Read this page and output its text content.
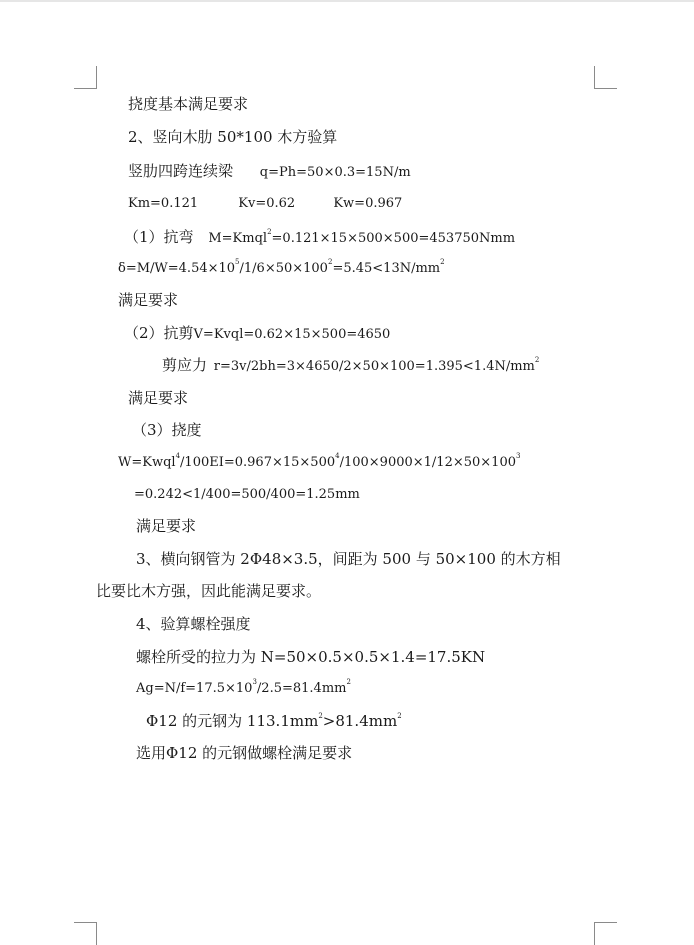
挠度基本满足要求
2、竖向木肋 50*100 木方验算
竖肋四跨连续梁 q=Ph=50×0.3=15N/m
Km=0.121	Kv=0.62	Kw=0.967
（1）抗弯 M=Kmql$^2$=0.121×15×500×500=453750Nmm
$\delta=M/W=4.54\times 10^5/1/6\times 50\times 100^2=5.45<13N/mm^2$
满足要求
（2）抗剪V=Kvql=0.62×15×500=4650
剪应力 $r=3v/2bh=3\times 4650/2\times 50\times 100=1.395<1.4N/mm^2$
满足要求
（3）挠度
$W=Kwql^4/100EI=0.967\times 15\times 500^4/100\times 9000\times 1/12\times 50\times 100^3$
=0.242<1/400=500/400=1.25mm
满足要求
3、横向钢管为 2Φ48×3.5，间距为 500 与 50×100 的木方相
比要比木方强，因此能满足要求。
4、验算螺栓强度
螺栓所受的拉力为 N=50×0.5×0.5×1.4=17.5KN
$Ag=N/f=17.5\times 10^3/2.5=81.4mm^2$
Φ12 的元钢为 $113.1mm^2>81.4mm^2$
选用Φ12 的元钢做螺栓满足要求
